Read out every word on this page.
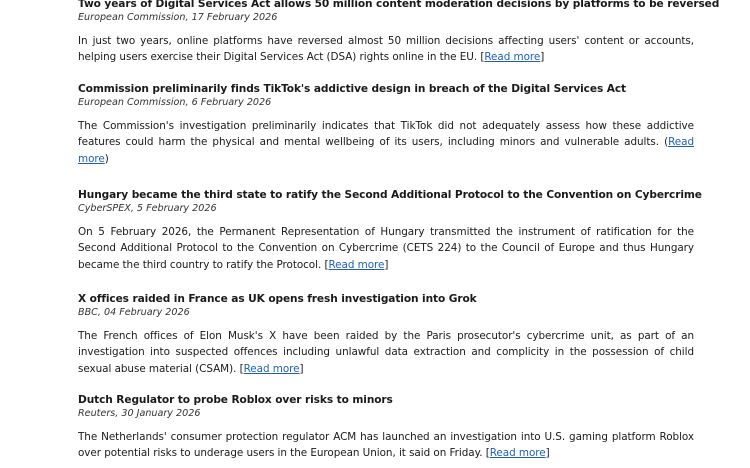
Two years of Digital Services Act allows 50 million content moderation decisions by platforms to be reversed

European Commission, 17 February 2026

In just two years, online platforms have reversed almost 50 million decisions affecting users' content or accounts, helping users exercise their Digital Services Act (DSA) rights online in the EU. [Read more]

Commission preliminarily finds TikTok's addictive design in breach of the Digital Services Act

European Commission, 6 February 2026

The Commission's investigation preliminarily indicates that TikTok did not adequately assess how these addictive features could harm the physical and mental wellbeing of its users, including minors and vulnerable adults. (Read more)

Hungary became the third state to ratify the Second Additional Protocol to the Convention on Cybercrime

CyberSPEX, 5 February 2026

On 5 February 2026, the Permanent Representation of Hungary transmitted the instrument of ratification for the Second Additional Protocol to the Convention on Cybercrime (CETS 224) to the Council of Europe and thus Hungary became the third country to ratify the Protocol. [Read more]

X offices raided in France as UK opens fresh investigation into Grok

BBC, 04 February 2026

The French offices of Elon Musk's X have been raided by the Paris prosecutor's cybercrime unit, as part of an investigation into suspected offences including unlawful data extraction and complicity in the possession of child sexual abuse material (CSAM). [Read more]

Dutch Regulator to probe Roblox over risks to minors

Reuters, 30 January 2026

The Netherlands' consumer protection regulator ACM has launched an investigation into U.S. gaming platform Roblox over potential risks to underage users in the European Union, it said on Friday. [Read more]
